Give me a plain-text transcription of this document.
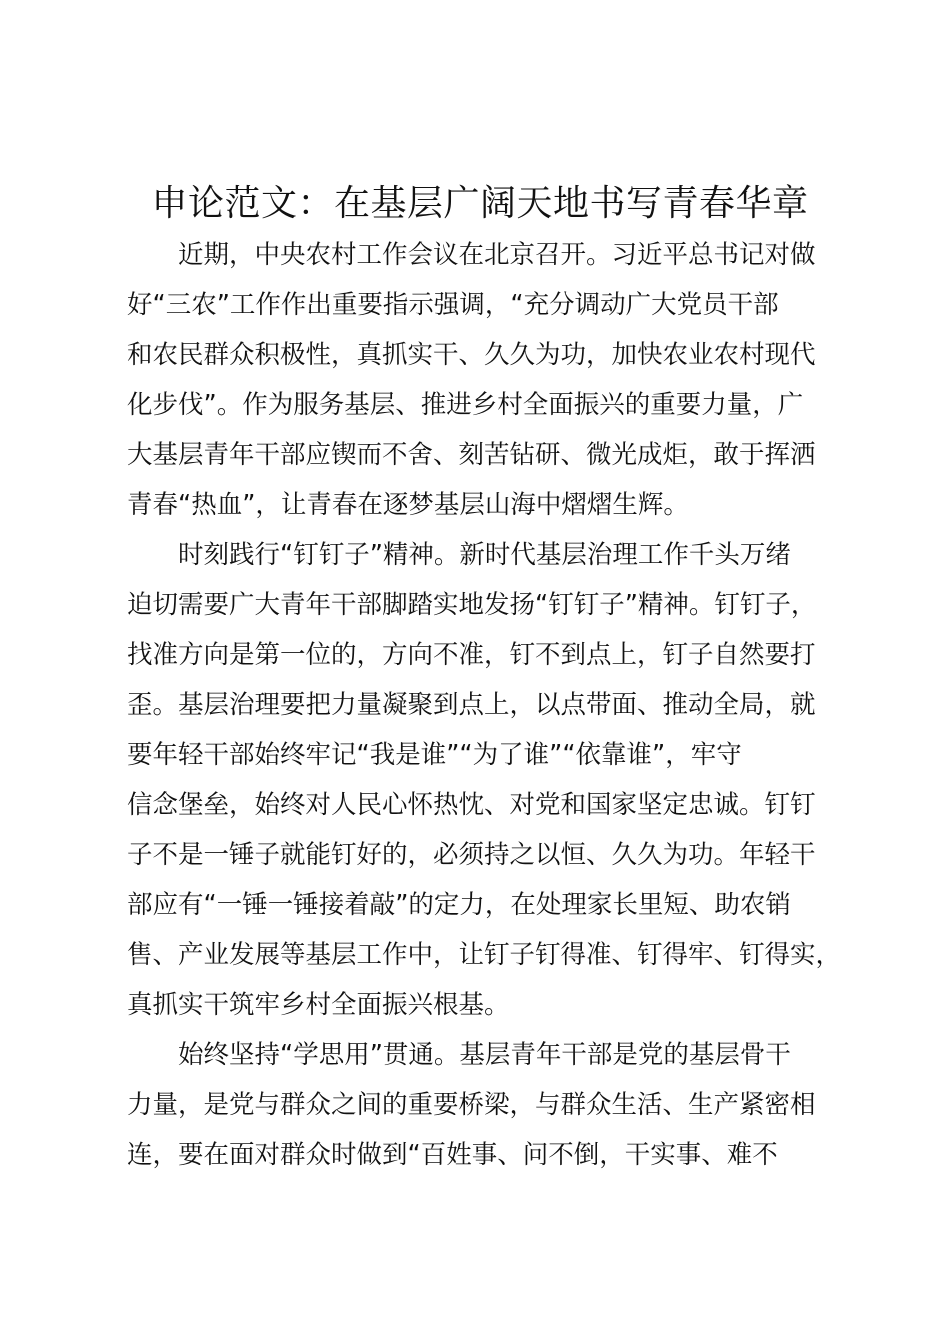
申论范文：在基层广阔天地书写青春华章
近期，中央农村工作会议在北京召开。习近平总书记对做
好“三农”工作作出重要指示强调，“充分调动广大党员干部
和农民群众积极性，真抓实干、久久为功，加快农业农村现代
化步伐”。作为服务基层、推进乡村全面振兴的重要力量，广
大基层青年干部应锲而不舍、刻苦钻研、微光成炬，敢于挥洒
青春“热血”，让青春在逐梦基层山海中熠熠生辉。
时刻践行“钉钉子”精神。新时代基层治理工作千头万绪
迫切需要广大青年干部脚踏实地发扬“钉钉子”精神。钉钉子，
找准方向是第一位的，方向不准，钉不到点上，钉子自然要打
歪。基层治理要把力量凝聚到点上，以点带面、推动全局，就
要年轻干部始终牢记“我是谁”“为了谁”“依靠谁”，牢守
信念堡垒，始终对人民心怀热忱、对党和国家坚定忠诚。钉钉
子不是一锤子就能钉好的，必须持之以恒、久久为功。年轻干
部应有“一锤一锤接着敲”的定力，在处理家长里短、助农销
售、产业发展等基层工作中，让钉子钉得准、钉得牢、钉得实，
真抓实干筑牢乡村全面振兴根基。
始终坚持“学思用”贯通。基层青年干部是党的基层骨干
力量，是党与群众之间的重要桥梁，与群众生活、生产紧密相
连，要在面对群众时做到“百姓事、问不倒，干实事、难不
